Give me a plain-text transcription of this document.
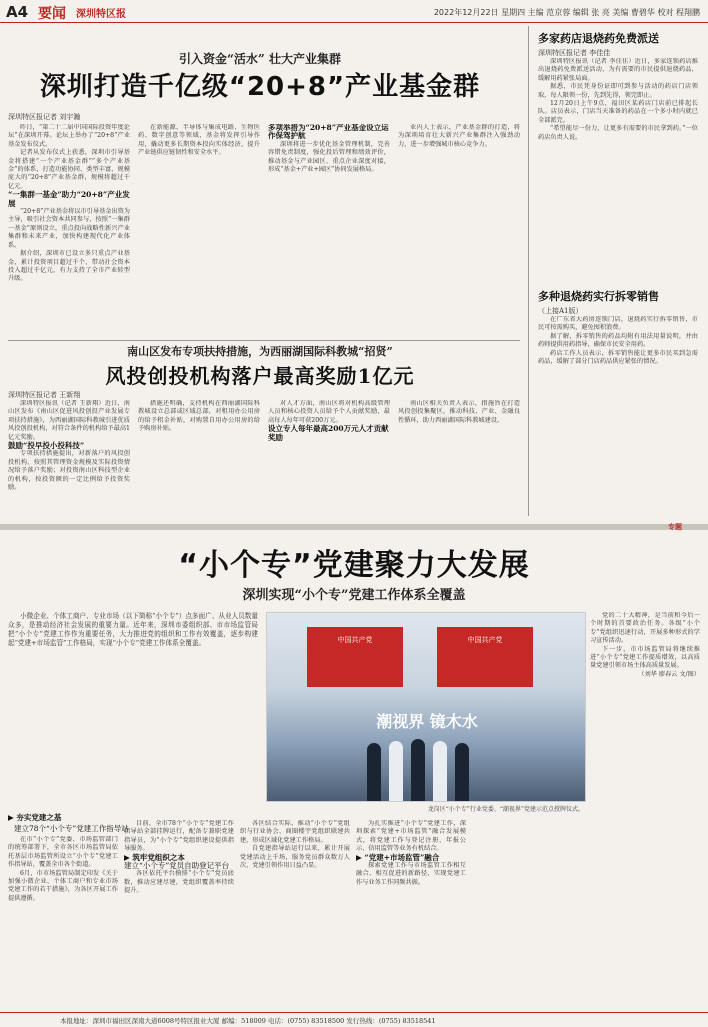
A4 要闻 深圳特区报	2022年12月22日 星期四 主编 范京蓉 编辑 张 亮 美编 曹碧华 校对 程翔鹏
引入资金“活水” 壮大产业集群
深圳打造千亿级“20+8”产业基金群
深圳特区报记者 刘宇瀚

昨日，“第二十二届中国国际投资年度论坛”在深圳开幕。论坛上举办了“20+8”产业基金发布仪式。

记者从发布仪式上获悉，深圳市引导基金将搭建“一个产业基金群”“多个产业基金”的体系，打造功能协同、类型丰富、规模庞大的“20+8”产业基金群，规模将超过千亿元。

“一集群一基金”助力“20+8”产业发展

“20+8”产业基金将以市引导基金出资为主导，吸引社会资本共同参与，按照“一集群一基金”原则设立，重点投向战略性新兴产业集群和未来产业，加快构建现代化产业体系。

据介绍，深圳市已设立多只重点产业基金，累计投资项目超过千个，带动社会资本投入超过千亿元，有力支持了全市产业转型升级。

在新能源、半导体与集成电路、生物医药、数字创意等领域，基金将发挥引导作用，撬动更多长期资本投向实体经济，提升产业链供应链韧性和安全水平。

多项举措为“20+8”产业基金设立运作保驾护航

深圳将进一步优化基金管理机制，完善容错免责制度，强化投后管理和绩效评价，推动基金与产业园区、重点企业深度对接，形成“基金+产业+园区”协同发展格局。

业内人士表示，产业基金群的打造，将为深圳培育壮大新兴产业集群注入强劲动力，进一步增强城市核心竞争力。

南山区发布专项扶持措施，为西丽湖国际科教城“招贤”
风投创投机构落户最高奖励1亿元
深圳特区报记者 王新翔

深圳特区报讯（记者 王新翔）近日，南山区发布《南山区促进风投创投产业发展专项扶持措施》，为西丽湖国际科教城引进优质风投创投机构，对符合条件的机构给予最高1亿元奖励。

鼓励“投早投小投科技”

专项扶持措施提出，对新落户的风投创投机构，按照其管理资金规模及实际投资情况给予落户奖励；对投资南山区科技型企业的机构，按投资额的一定比例给予投资奖励。

措施还明确，支持机构在西丽湖国际科教城设立总部或区域总部，对租用办公用房的给予租金补贴，对购置自用办公用房的给予购房补贴。

对人才方面，南山区将对机构高级管理人员和核心投资人员给予个人贡献奖励，最高每人每年可获200万元。

设立专人每年最高200万元人才贡献奖励

南山区相关负责人表示，措施旨在打造风投创投集聚区，推动科技、产业、金融良性循环，助力西丽湖国际科教城建设。

多家药店退烧药免费派送
深圳特区报记者 李佳佳

深圳特区报讯（记者 李佳佳）近日，多家连锁药店推出退烧药免费派送活动，为有需要的市民提供退烧药品，缓解用药紧张局面。

据悉，市民凭身份证即可到参与活动的药店门店领取，每人限领一份，先到先得，领完即止。

12月20日上午9点，福田区某药店门店前已排起长队。店员表示，门店当天准备的药品在一个多小时内就已全部派完。

“希望能尽一份力，让更多有需要的市民拿到药。”一位药店负责人说。

多种退烧药实行拆零销售
（上接A1版）

在广东省大药房连锁门店，退烧药实行拆零销售，市民可按需购买，避免囤积浪费。

据了解，拆零销售的药品均附有用法用量说明，并由药师提供用药指导，确保市民安全用药。

药店工作人员表示，拆零销售能让更多市民买到急需药品，缓解了部分门店药品供应紧张的情况。

专题
“小个专”党建聚力大发展
深圳实现“小个专”党建工作体系全覆盖

小微企业、个体工商户、专业市场（以下简称“小个专”）点多面广、从业人员数量众多，是推动经济社会发展的重要力量。近年来，深圳市委组织部、市市场监管局把“小个专”党建工作作为重要任务，大力推进党的组织和工作有效覆盖，逐步构建起“党建+市场监管”工作格局，实现“小个专”党建工作体系全覆盖。	中国共产党	中国共产党
潮视界 镜木水
龙岗区“小个专”行业党委、“潮视界”党建示范点授牌仪式。

党的二十大精神，是当前和今后一个时期的首要政治任务。各级“小个专”党组织迅速行动，开展多种形式的学习宣传活动。

下一步，市市场监管局将继续推进“小个专”党建工作提质增效，以高质量党建引领市场主体高质量发展。

（刘华 廖春云 文/图）

▶ 夯实党建之基
建立78个“小个专”党建工作指导站

在市“小个专”党委、市场监管部门的统筹部署下，全市各区市场监管局依托基层市场监管所设立“小个专”党建工作指导站，覆盖全市各个街道。

6月，市市场监管局制定印发《关于加强小微企业、个体工商户和专业市场党建工作的若干措施》，为各区开展工作提供遵循。

目前，全市78个“小个专”党建工作指导站全部挂牌运行，配备专兼职党建指导员，为“小个专”党组织建设提供指导服务。

▶ 筑牢党组织之本

建立“小个专”党员自助登记平台

各区依托平台摸排“小个专”党员底数，推动应建尽建，党组织覆盖率持续提升。

各区结合实际，推动“小个专”党组织与行业协会、商圈楼宇党组织联建共建，形成区域化党建工作格局。

自党建指导站运行以来，累计开展党建活动上千场，服务党员群众数万人次，党建引领作用日益凸显。

为扎实推进“小个专”党建工作，深圳探索“党建+市场监管”融合发展模式，将党建工作与登记注册、年报公示、信用监管等业务有机结合。

▶ “党建+市场监管”融合

探索党建工作与市场监管工作相互融合、相互促进的新路径，实现党建工作与业务工作同频共振。

本报地址：深圳市福田区深南大道6008号特区报业大厦 邮编：518009 电话：(0755) 83518500 发行热线：(0755) 83518541
